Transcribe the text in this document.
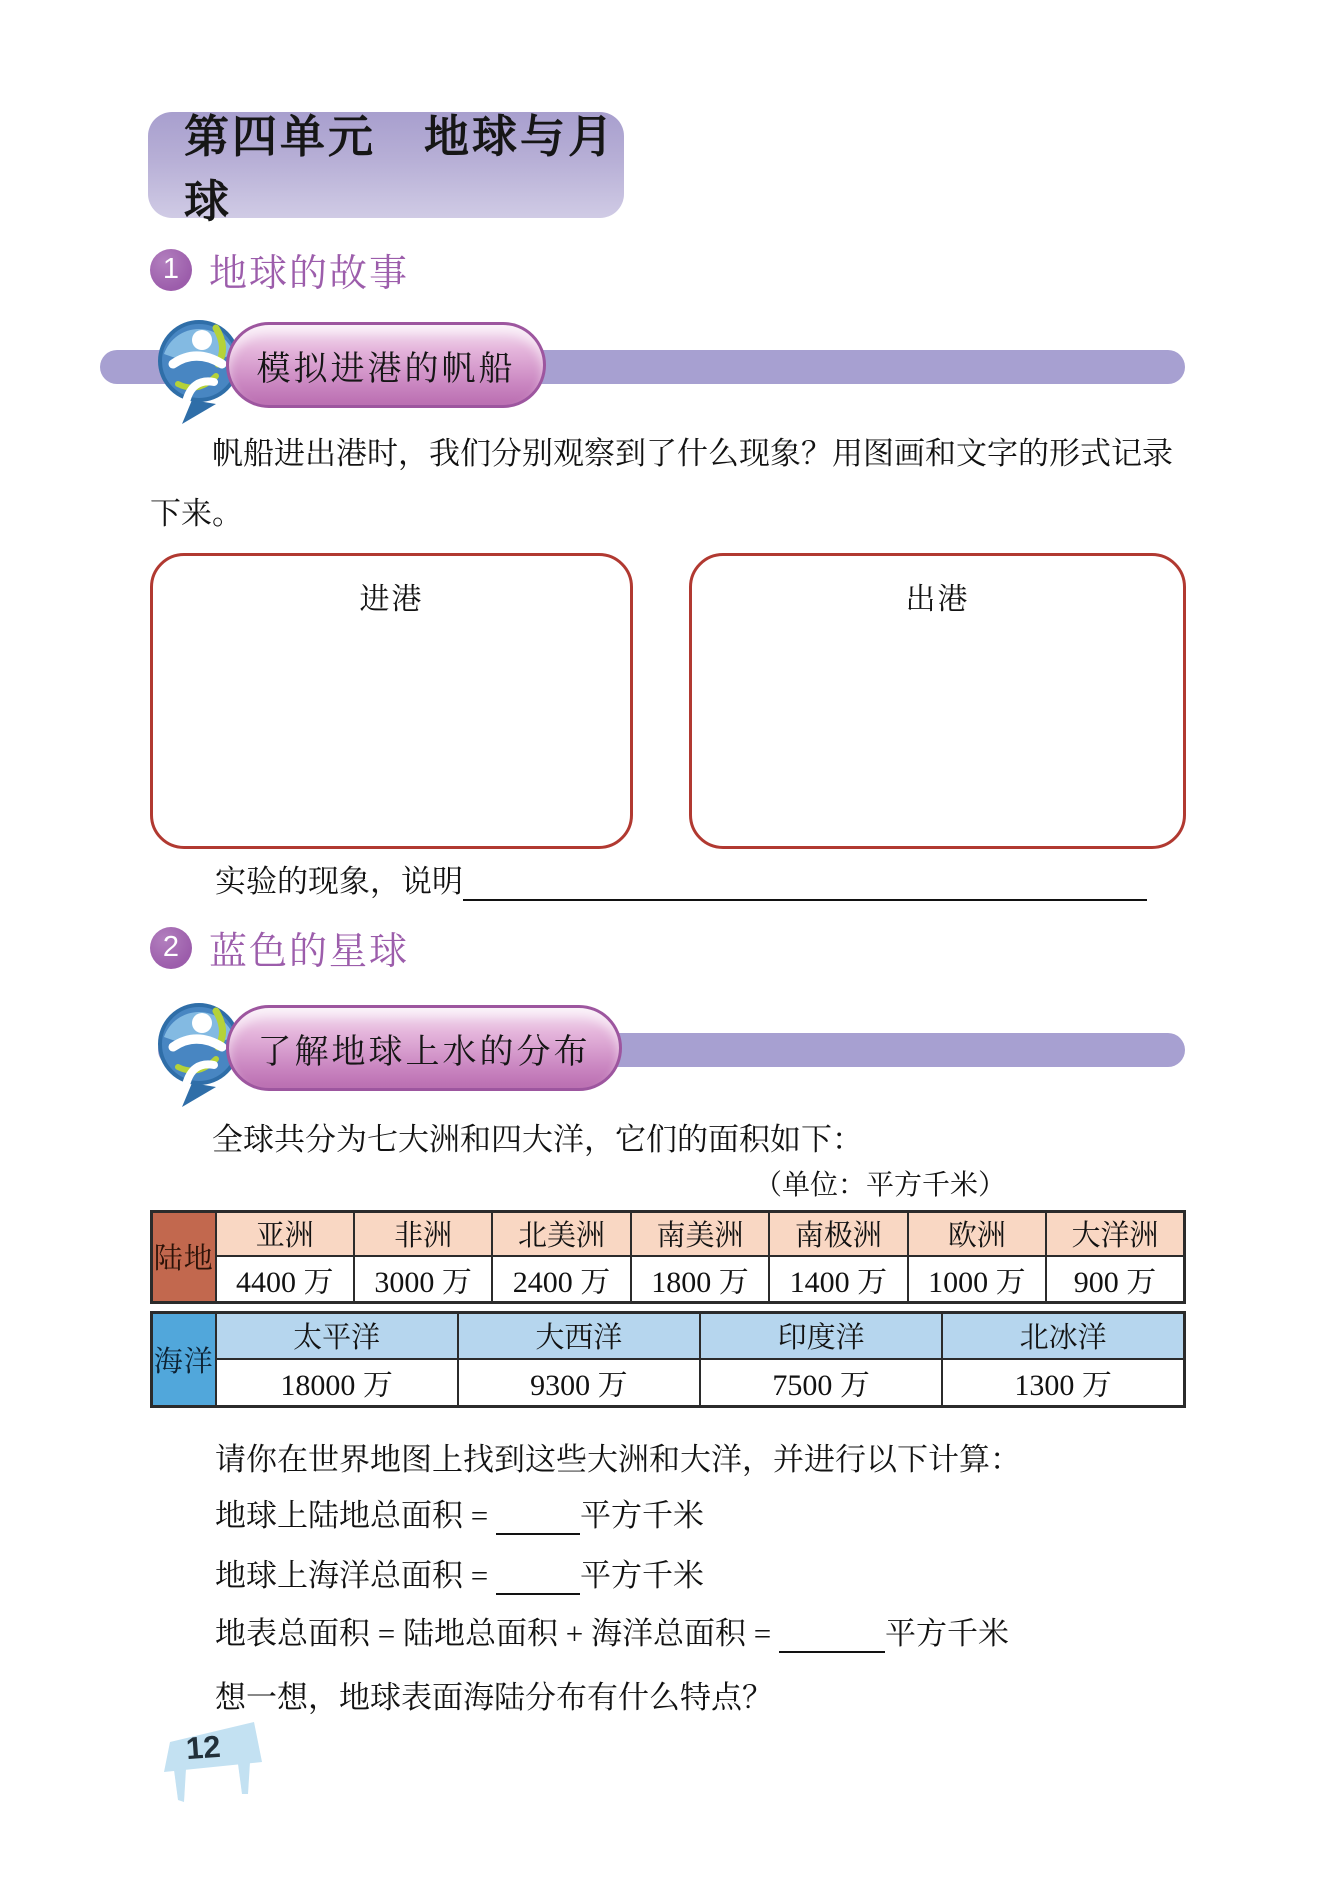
第四单元　地球与月球
1 地球的故事
模拟进港的帆船

帆船进出港时，我们分别观察到了什么现象？用图画和文字的形式记录下来。

进港	出港
实验的现象，说明
2 蓝色的星球
了解地球上水的分布

全球共分为七大洲和四大洋，它们的面积如下：

（单位：平方千米）
陆地	亚洲	非洲	北美洲	南美洲	南极洲	欧洲	大洋洲
	4400 万	3000 万	2400 万	1800 万	1400 万	1000 万	900 万
海洋	太平洋	大西洋	印度洋	北冰洋
	18000 万	9300 万	7500 万	1300 万

请你在世界地图上找到这些大洲和大洋，并进行以下计算：

地球上陆地总面积 =	平方千米
地球上海洋总面积 =	平方千米
地表总面积 = 陆地总面积 + 海洋总面积 =	平方千米

想一想，地球表面海陆分布有什么特点？

12
